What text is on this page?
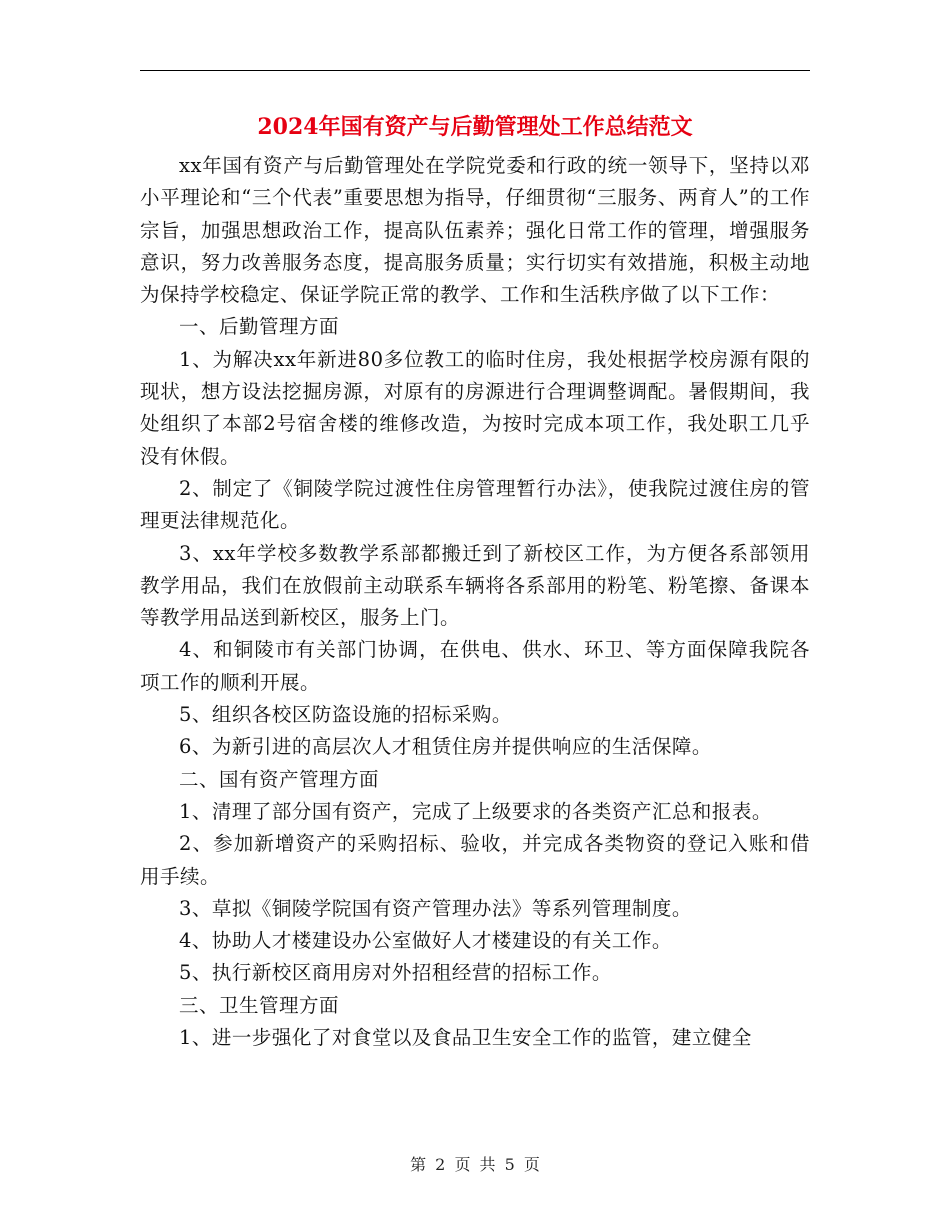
2024年国有资产与后勤管理处工作总结范文

xx年国有资产与后勤管理处在学院党委和行政的统一领导下，坚持以邓小平理论和“三个代表”重要思想为指导，仔细贯彻“三服务、两育人”的工作宗旨，加强思想政治工作，提高队伍素养；强化日常工作的管理，增强服务意识，努力改善服务态度，提高服务质量；实行切实有效措施，积极主动地为保持学校稳定、保证学院正常的教学、工作和生活秩序做了以下工作：

一、后勤管理方面

1、为解决xx年新进80多位教工的临时住房，我处根据学校房源有限的现状，想方设法挖掘房源，对原有的房源进行合理调整调配。暑假期间，我处组织了本部2号宿舍楼的维修改造，为按时完成本项工作，我处职工几乎没有休假。

2、制定了《铜陵学院过渡性住房管理暂行办法》，使我院过渡住房的管理更法律规范化。

3、xx年学校多数教学系部都搬迁到了新校区工作，为方便各系部领用教学用品，我们在放假前主动联系车辆将各系部用的粉笔、粉笔擦、备课本等教学用品送到新校区，服务上门。

4、和铜陵市有关部门协调，在供电、供水、环卫、等方面保障我院各项工作的顺利开展。

5、组织各校区防盗设施的招标采购。

6、为新引进的高层次人才租赁住房并提供响应的生活保障。

二、国有资产管理方面

1、清理了部分国有资产，完成了上级要求的各类资产汇总和报表。

2、参加新增资产的采购招标、验收，并完成各类物资的登记入账和借用手续。

3、草拟《铜陵学院国有资产管理办法》等系列管理制度。

4、协助人才楼建设办公室做好人才楼建设的有关工作。

5、执行新校区商用房对外招租经营的招标工作。

三、卫生管理方面

1、进一步强化了对食堂以及食品卫生安全工作的监管，建立健全

第 2 页 共 5 页
